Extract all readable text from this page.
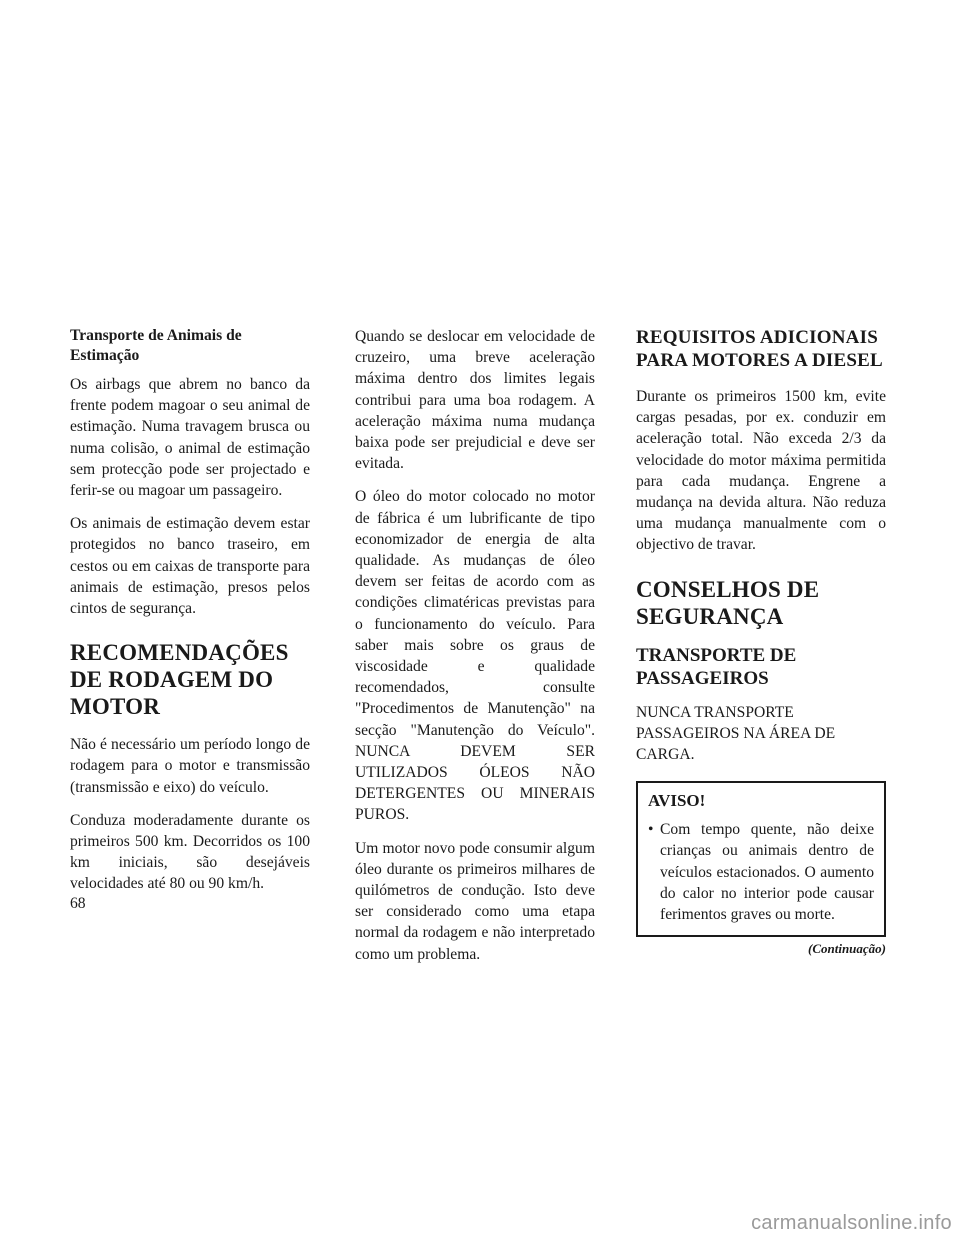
Transporte de Animais de Estimação

Os airbags que abrem no banco da frente podem magoar o seu animal de estimação. Numa travagem brusca ou numa colisão, o animal de estimação sem protecção pode ser projectado e ferir-se ou magoar um passageiro.

Os animais de estimação devem estar protegidos no banco traseiro, em cestos ou em caixas de transporte para animais de estimação, presos pelos cintos de segurança.

RECOMENDAÇÕES DE RODAGEM DO MOTOR

Não é necessário um período longo de rodagem para o motor e transmissão (transmissão e eixo) do veículo.

Conduza moderadamente durante os primeiros 500 km. Decorridos os 100 km iniciais, são desejáveis velocidades até 80 ou 90 km/h.

Quando se deslocar em velocidade de cruzeiro, uma breve aceleração máxima dentro dos limites legais contribui para uma boa rodagem. A aceleração máxima numa mudança baixa pode ser prejudicial e deve ser evitada.

O óleo do motor colocado no motor de fábrica é um lubrificante de tipo economizador de energia de alta qualidade. As mudanças de óleo devem ser feitas de acordo com as condições climatéricas previstas para o funcionamento do veículo. Para saber mais sobre os graus de viscosidade e qualidade recomendados, consulte "Procedimentos de Manutenção" na secção "Manutenção do Veículo". NUNCA DEVEM SER UTILIZADOS ÓLEOS NÃO DETERGENTES OU MINERAIS PUROS.

Um motor novo pode consumir algum óleo durante os primeiros milhares de quilómetros de condução. Isto deve ser considerado como uma etapa normal da rodagem e não interpretado como um problema.

REQUISITOS ADICIONAIS PARA MOTORES A DIESEL

Durante os primeiros 1500 km, evite cargas pesadas, por ex. conduzir em aceleração total. Não exceda 2/3 da velocidade do motor máxima permitida para cada mudança. Engrene a mudança na devida altura. Não reduza uma mudança manualmente com o objectivo de travar.

CONSELHOS DE SEGURANÇA
TRANSPORTE DE PASSAGEIROS

NUNCA TRANSPORTE PASSAGEIROS NA ÁREA DE CARGA.

AVISO!
• Com tempo quente, não deixe crianças ou animais dentro de veículos estacionados. O aumento do calor no interior pode causar ferimentos graves ou morte.

(Continuação)
68
carmanualsonline.info
